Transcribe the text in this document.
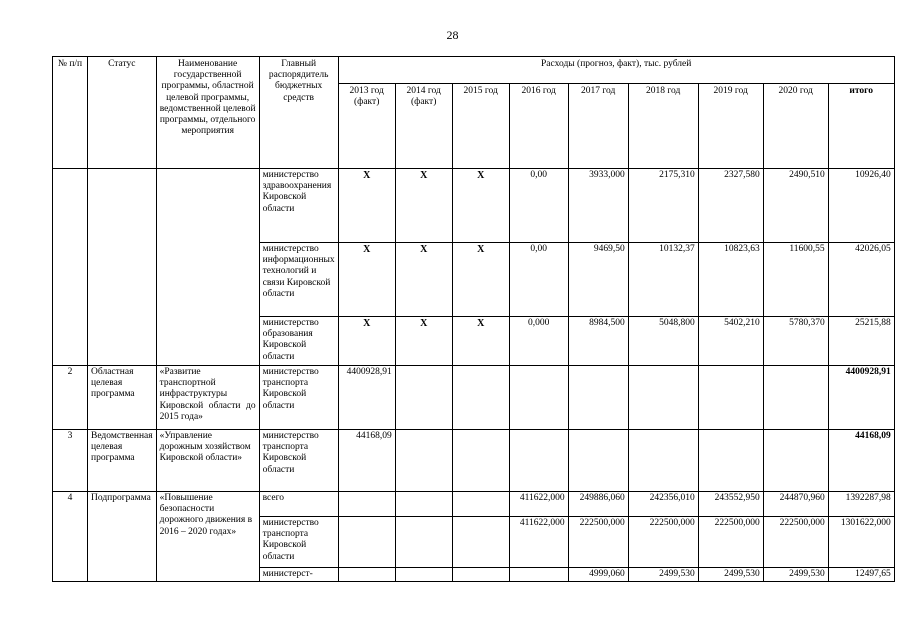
28
№ п/п	Статус	Наименование государственной программы, областной целевой программы, ведомственной целевой программы, отдельного мероприятия	Главный распорядитель бюджетных средств	Расходы (прогноз, факт), тыс. рублей								
				2013 год (факт)	2014 год (факт)	2015 год	2016 год	2017 год	2018 год	2019 год	2020 год	итого
			министерство здравоохранения Кировской области	X	X	X	0,00	3933,000	2175,310	2327,580	2490,510	10926,40
			министерство информационных технологий и связи Кировской области	X	X	X	0,00	9469,50	10132,37	10823,63	11600,55	42026,05
			министерство образования Кировской области	X	X	X	0,000	8984,500	5048,800	5402,210	5780,370	25215,88
2	Областная целевая программа	«Развитие транспортной инфраструктуры Кировской области до 2015 года»	министерство транспорта Кировской области	4400928,91								4400928,91
3	Ведомственная целевая программа	«Управление дорожным хозяйством Кировской области»	министерство транспорта Кировской области	44168,09								44168,09
4	Подпрограмма	«Повышение безопасности дорожного движения в 2016 – 2020 годах»	всего				411622,000	249886,060	242356,010	243552,950	244870,960	1392287,98
			министерство транспорта Кировской области				411622,000	222500,000	222500,000	222500,000	222500,000	1301622,000
			министерст-					4999,060	2499,530	2499,530	2499,530	12497,65
